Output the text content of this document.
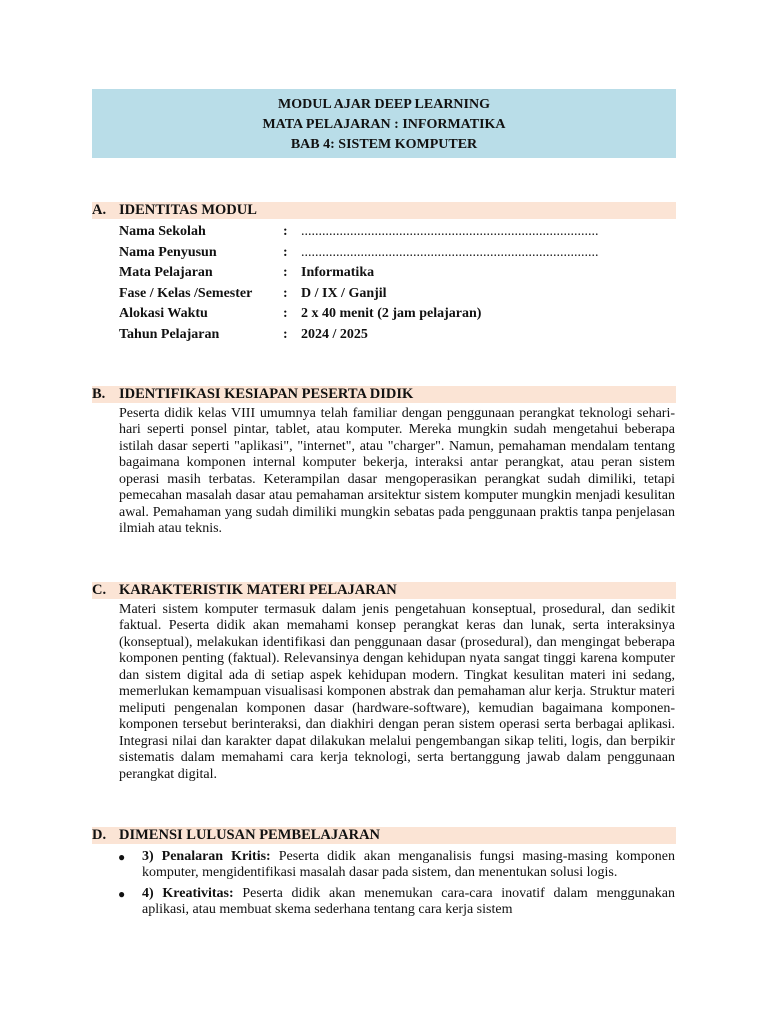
MODUL AJAR DEEP LEARNING
MATA PELAJARAN : INFORMATIKA
BAB 4: SISTEM KOMPUTER
A. IDENTITAS MODUL
Nama Sekolah	: .....................................................................................
Nama Penyusun	: .....................................................................................
Mata Pelajaran	: Informatika
Fase / Kelas /Semester : D / IX / Ganjil
Alokasi Waktu	: 2 x 40 menit (2 jam pelajaran)
Tahun Pelajaran	: 2024 / 2025
B. IDENTIFIKASI KESIAPAN PESERTA DIDIK
Peserta didik kelas VIII umumnya telah familiar dengan penggunaan perangkat teknologi sehari-hari seperti ponsel pintar, tablet, atau komputer. Mereka mungkin sudah mengetahui beberapa istilah dasar seperti "aplikasi", "internet", atau "charger". Namun, pemahaman mendalam tentang bagaimana komponen internal komputer bekerja, interaksi antar perangkat, atau peran sistem operasi masih terbatas. Keterampilan dasar mengoperasikan perangkat sudah dimiliki, tetapi pemecahan masalah dasar atau pemahaman arsitektur sistem komputer mungkin menjadi kesulitan awal. Pemahaman yang sudah dimiliki mungkin sebatas pada penggunaan praktis tanpa penjelasan ilmiah atau teknis.
C. KARAKTERISTIK MATERI PELAJARAN
Materi sistem komputer termasuk dalam jenis pengetahuan konseptual, prosedural, dan sedikit faktual. Peserta didik akan memahami konsep perangkat keras dan lunak, serta interaksinya (konseptual), melakukan identifikasi dan penggunaan dasar (prosedural), dan mengingat beberapa komponen penting (faktual). Relevansinya dengan kehidupan nyata sangat tinggi karena komputer dan sistem digital ada di setiap aspek kehidupan modern. Tingkat kesulitan materi ini sedang, memerlukan kemampuan visualisasi komponen abstrak dan pemahaman alur kerja. Struktur materi meliputi pengenalan komponen dasar (hardware-software), kemudian bagaimana komponen-komponen tersebut berinteraksi, dan diakhiri dengan peran sistem operasi serta berbagai aplikasi. Integrasi nilai dan karakter dapat dilakukan melalui pengembangan sikap teliti, logis, dan berpikir sistematis dalam memahami cara kerja teknologi, serta bertanggung jawab dalam penggunaan perangkat digital.
D. DIMENSI LULUSAN PEMBELAJARAN
● 3) Penalaran Kritis: Peserta didik akan menganalisis fungsi masing-masing komponen komputer, mengidentifikasi masalah dasar pada sistem, dan menentukan solusi logis.
● 4) Kreativitas: Peserta didik akan menemukan cara-cara inovatif dalam menggunakan aplikasi, atau membuat skema sederhana tentang cara kerja sistem
